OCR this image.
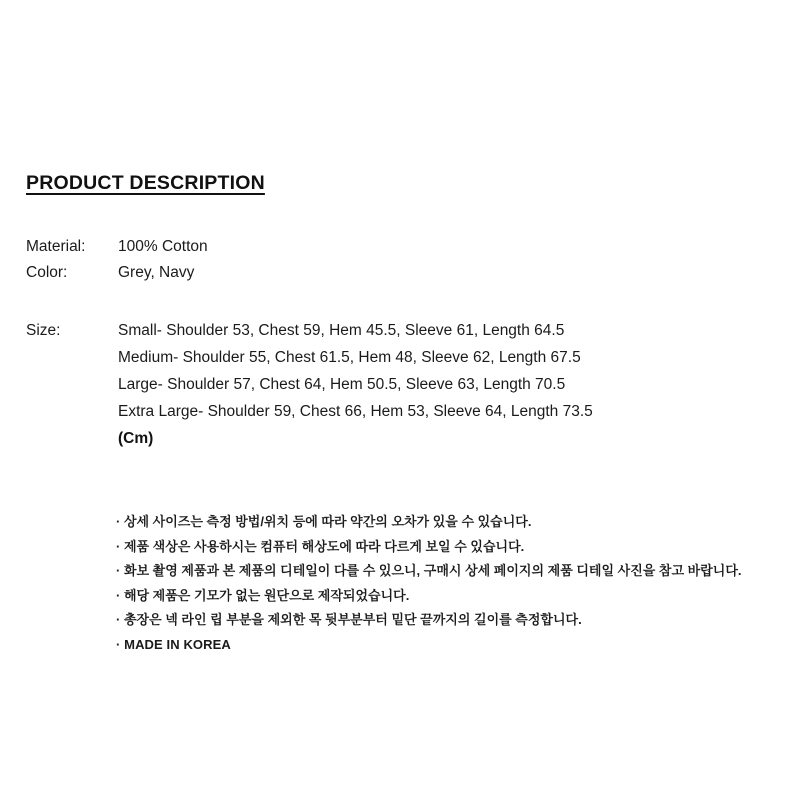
PRODUCT DESCRIPTION
Material:	100% Cotton
Color:	Grey, Navy
Size:	Small- Shoulder 53, Chest 59, Hem 45.5, Sleeve 61, Length 64.5
Medium- Shoulder 55, Chest 61.5, Hem 48, Sleeve 62, Length 67.5
Large- Shoulder 57, Chest 64, Hem 50.5, Sleeve 63, Length 70.5
Extra Large- Shoulder 59, Chest 66, Hem 53, Sleeve 64, Length 73.5
(Cm)
· 상세 사이즈는 측정 방법/위치 등에 따라 약간의 오차가 있을 수 있습니다.
· 제품 색상은 사용하시는 컴퓨터 해상도에 따라 다르게 보일 수 있습니다.
· 화보 촬영 제품과 본 제품의 디테일이 다를 수 있으니, 구매시 상세 페이지의 제품 디테일 사진을 참고 바랍니다.
· 해당 제품은 기모가 없는 원단으로 제작되었습니다.
· 총장은 넥 라인 립 부분을 제외한 목 뒷부분부터 밑단 끝까지의 길이를 측정합니다.
· MADE IN KOREA
